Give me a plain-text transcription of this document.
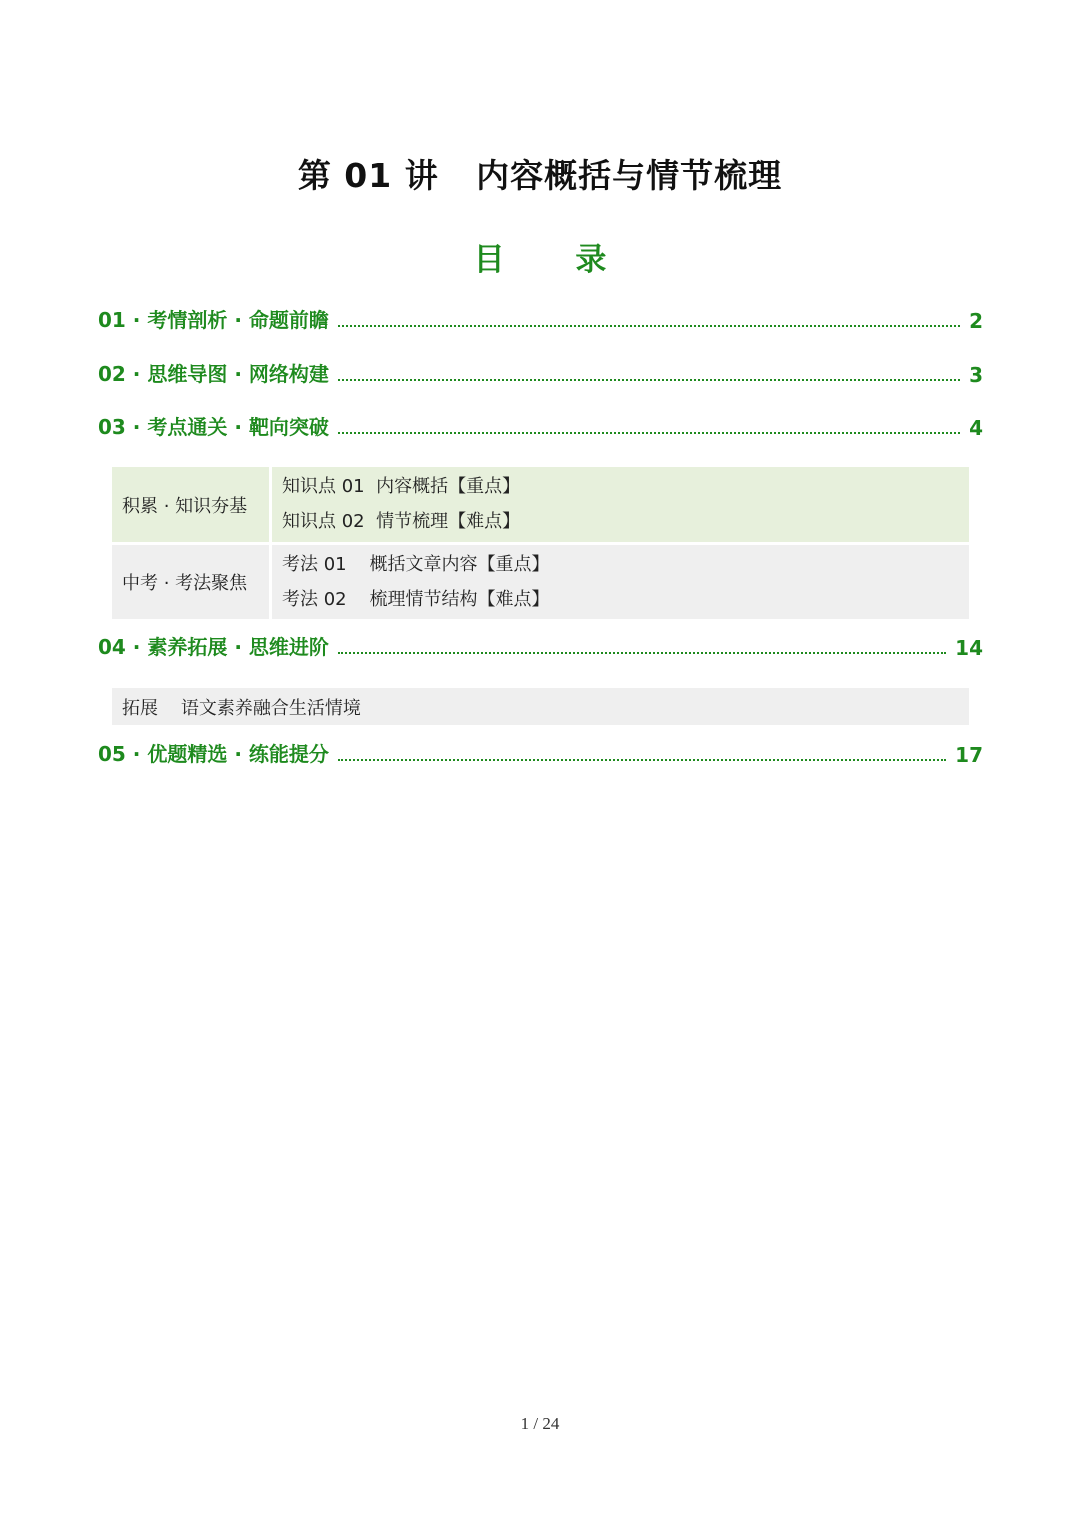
第 01 讲   内容概括与情节梳理
目 录
01 · 考情剖析 · 命题前瞻	2
02 · 思维导图 · 网络构建	3
03 · 考点通关 · 靶向突破	4
积累 · 知识夯基
知识点 01  内容概括【重点】
知识点 02  情节梳理【难点】
中考 · 考法聚焦
考法 01    概括文章内容【重点】
考法 02    梳理情节结构【难点】
04 · 素养拓展 · 思维进阶	14
拓展    语文素养融合生活情境
05 · 优题精选 · 练能提分	17
1 / 24
